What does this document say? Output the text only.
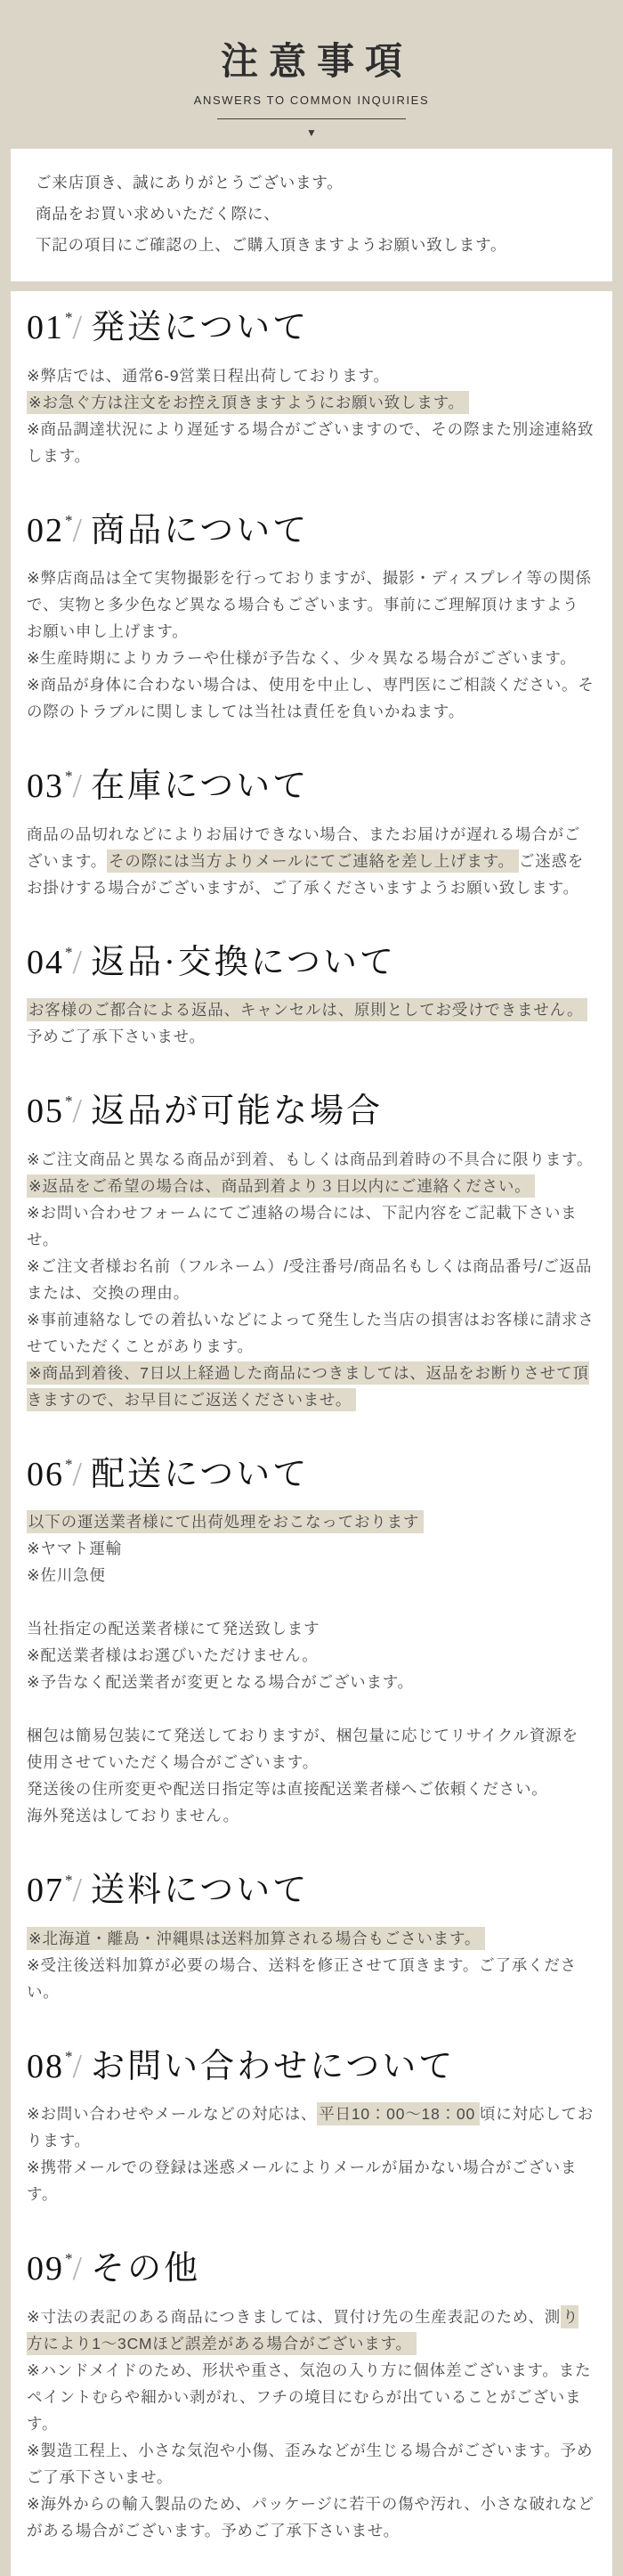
注意事項
ANSWERS TO COMMON INQUIRIES
▼

ご来店頂き、誠にありがとうございます。

商品をお買い求めいただく際に、

下記の項目にご確認の上、ご購入頂きますようお願い致します。

01*/ 発送について

※弊店では、通常6-9営業日程出荷しております。

※お急ぐ方は注文をお控え頂きますようにお願い致します。

※商品調達状況により遅延する場合がございますので、その際また別途連絡致します。

02*/ 商品について

※弊店商品は全て実物撮影を行っておりますが、撮影・ディスプレイ等の関係で、実物と多少色など異なる場合もございます。事前にご理解頂けますようお願い申し上げます。

※生産時期によりカラーや仕様が予告なく、少々異なる場合がございます。

※商品が身体に合わない場合は、使用を中止し、専門医にご相談ください。その際のトラブルに関しましては当社は責任を負いかねます。

03*/ 在庫について

商品の品切れなどによりお届けできない場合、またお届けが遅れる場合がございます。 その際には当方よりメールにてご連絡を差し上げます。 ご迷惑をお掛けする場合がございますが、ご了承くださいますようお願い致します。

04*/ 返品·交換について

お客様のご都合による返品、キャンセルは、原則としてお受けできません。

予めご了承下さいませ。

05*/ 返品が可能な場合

※ご注文商品と異なる商品が到着、もしくは商品到着時の不具合に限ります。

※返品をご希望の場合は、商品到着より３日以内にご連絡ください。

※お問い合わせフォームにてご連絡の場合には、下記内容をご記載下さいませ。

※ご注文者様お名前（フルネーム）/受注番号/商品名もしくは商品番号/ご返品または、交換の理由。

※事前連絡なしでの着払いなどによって発生した当店の損害はお客様に請求させていただくことがあります。

※商品到着後、7日以上経過した商品につきましては、返品をお断りさせて頂きますので、お早目にご返送くださいませ。

06*/ 配送について

以下の運送業者様にて出荷処理をおこなっております

※ヤマト運輸

※佐川急便

当社指定の配送業者様にて発送致します

※配送業者様はお選びいただけません。

※予告なく配送業者が変更となる場合がございます。

梱包は簡易包装にて発送しておりますが、梱包量に応じてリサイクル資源を使用させていただく場合がございます。

発送後の住所変更や配送日指定等は直接配送業者様へご依頼ください。

海外発送はしておりません。

07*/ 送料について

※北海道・離島・沖縄県は送料加算される場合もごさいます。

※受注後送料加算が必要の場合、送料を修正させて頂きます。ご了承ください。

08*/ お問い合わせについて

※お問い合わせやメールなどの対応は、 平日10：00～18：00 頃に対応しております。

※携帯メールでの登録は迷惑メールによりメールが届かない場合がございます。

09*/ その他

※寸法の表記のある商品につきましては、買付け先の生産表記のため、測 り方により1～3CMほど誤差がある場合がございます。

※ハンドメイドのため、形状や重さ、気泡の入り方に個体差ございます。またペイントむらや細かい剥がれ、フチの境目にむらが出ていることがございます。

※製造工程上、小さな気泡や小傷、歪みなどが生じる場合がございます。予めご了承下さいませ。

※海外からの輸入製品のため、パッケージに若干の傷や汚れ、小さな破れなどがある場合がございます。予めご了承下さいませ。
